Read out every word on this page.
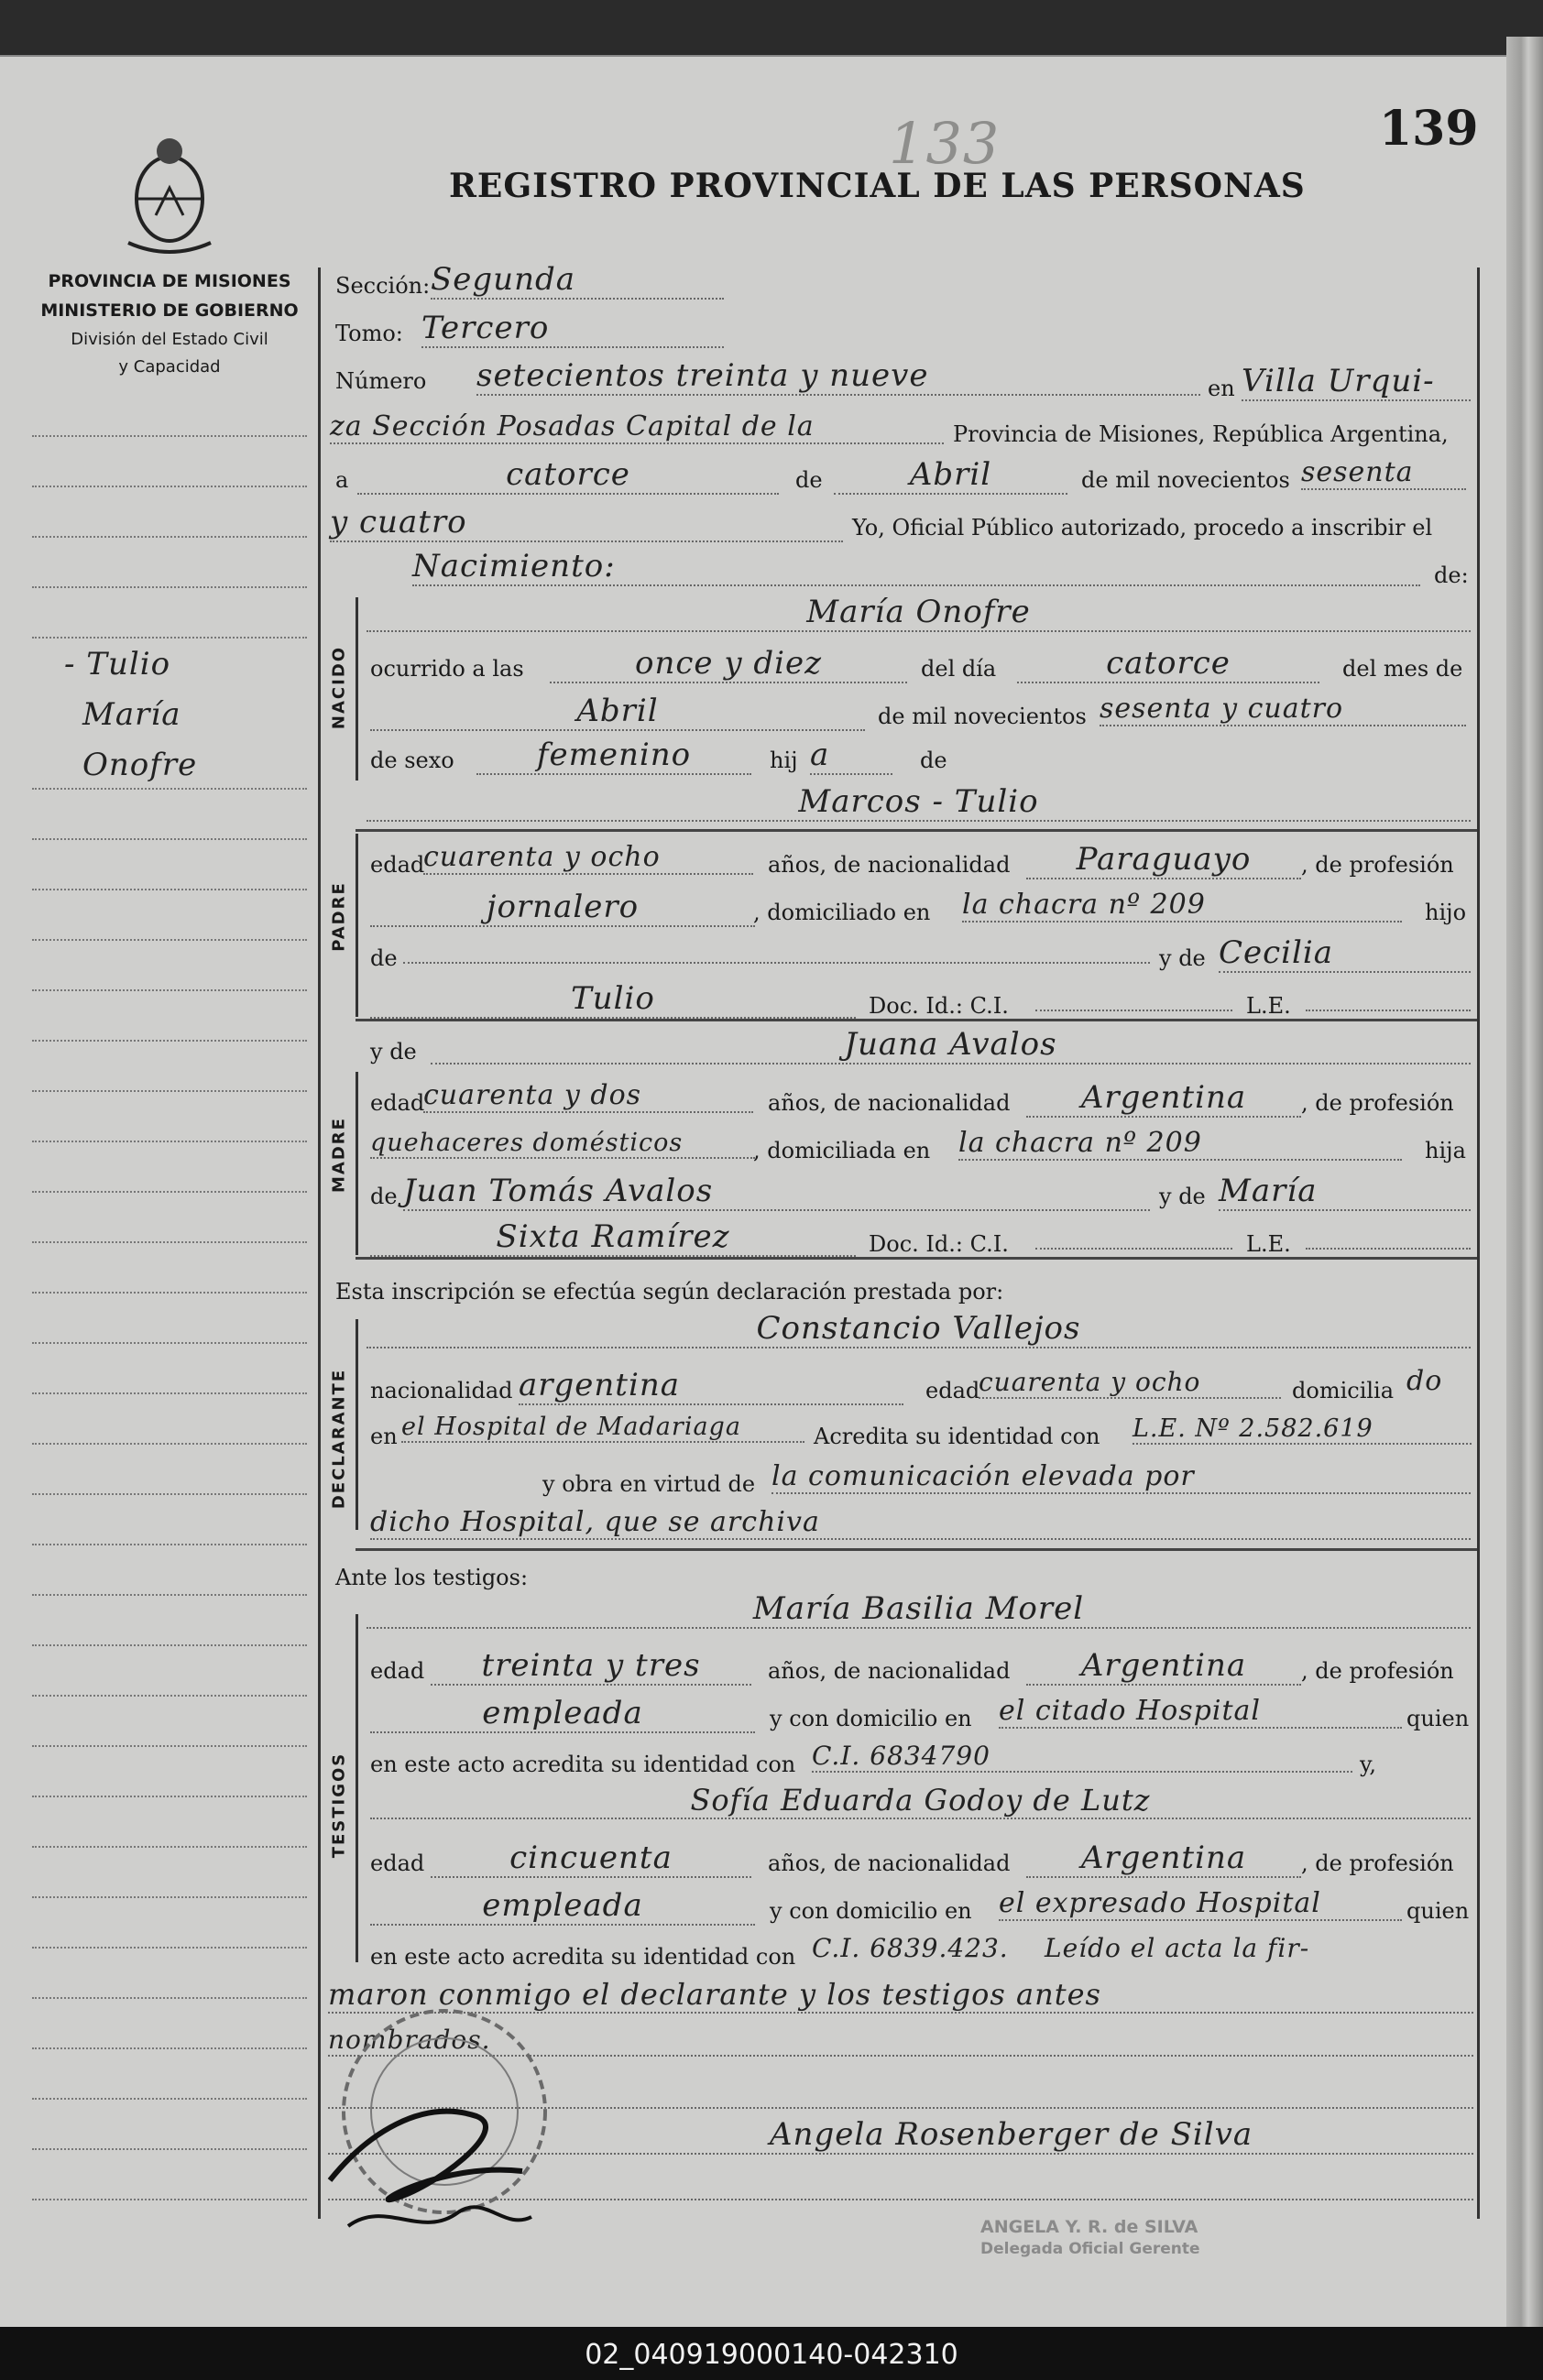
PROVINCIA DE MISIONES
MINISTERIO DE GOBIERNO
División del Estado Civil
y Capacidad
REGISTRO PROVINCIAL DE LAS PERSONAS
139
133
- Tulio
María
Onofre
Sección: Segunda
Tomo: Tercero
Número setecientos treinta y nueve	en Villa Urqui-
za Sección Posadas Capital de la	Provincia de Misiones, República Argentina,
a	catorce	de	Abril	de mil novecientos sesenta
y cuatro	Yo, Oficial Público autorizado, procedo a inscribir el
Nacimiento:	de:
NACIDO
María Onofre
ocurrido a las	once y diez	del día	catorce	del mes de
Abril	de mil novecientos sesenta y cuatro
de sexo	femenino	hij a	de
Marcos - Tulio
PADRE
edad
cuarenta y ocho	años, de nacionalidad	Paraguayo	, de profesión
jornalero	, domiciliado en la chacra nº 209	hijo
de	y de Cecilia
Tulio	Doc. Id.: C.I.	L.E.
y de	Juana Avalos
MADRE
edad
cuarenta y dos	años, de nacionalidad	Argentina	, de profesión
quehaceres domésticos	, domiciliada en la chacra nº 209	hija
de Juan Tomás Avalos	y de María
Sixta Ramírez	Doc. Id.: C.I.	L.E.
Esta inscripción se efectúa según declaración prestada por:
Constancio Vallejos
DECLARANTE nacionalidad argentina	edad
cuarenta y ocho	domicilia do
en el Hospital de Madariaga	Acredita su identidad con L.E. Nº 2.582.619
y obra en virtud de la comunicación elevada por
dicho Hospital, que se archiva
Ante los testigos:
María Basilia Morel
TESTIGOS
edad	treinta y tres	años, de nacionalidad	Argentina	, de profesión
empleada	y con domicilio en el citado Hospital	quien
en este acto acredita su identidad con C.I. 6834790	y,
Sofía Eduarda Godoy de Lutz
edad	cincuenta	años, de nacionalidad	Argentina	, de profesión
empleada	y con domicilio en el expresado Hospital	quien
en este acto acredita su identidad con C.I. 6839.423. Leído el acta la fir-
maron conmigo el declarante y los testigos antes
nombrados.
Angela Rosenberger de Silva
ANGELA Y. R. de SILVA
Delegada Oficial Gerente
02_040919000140-042310
